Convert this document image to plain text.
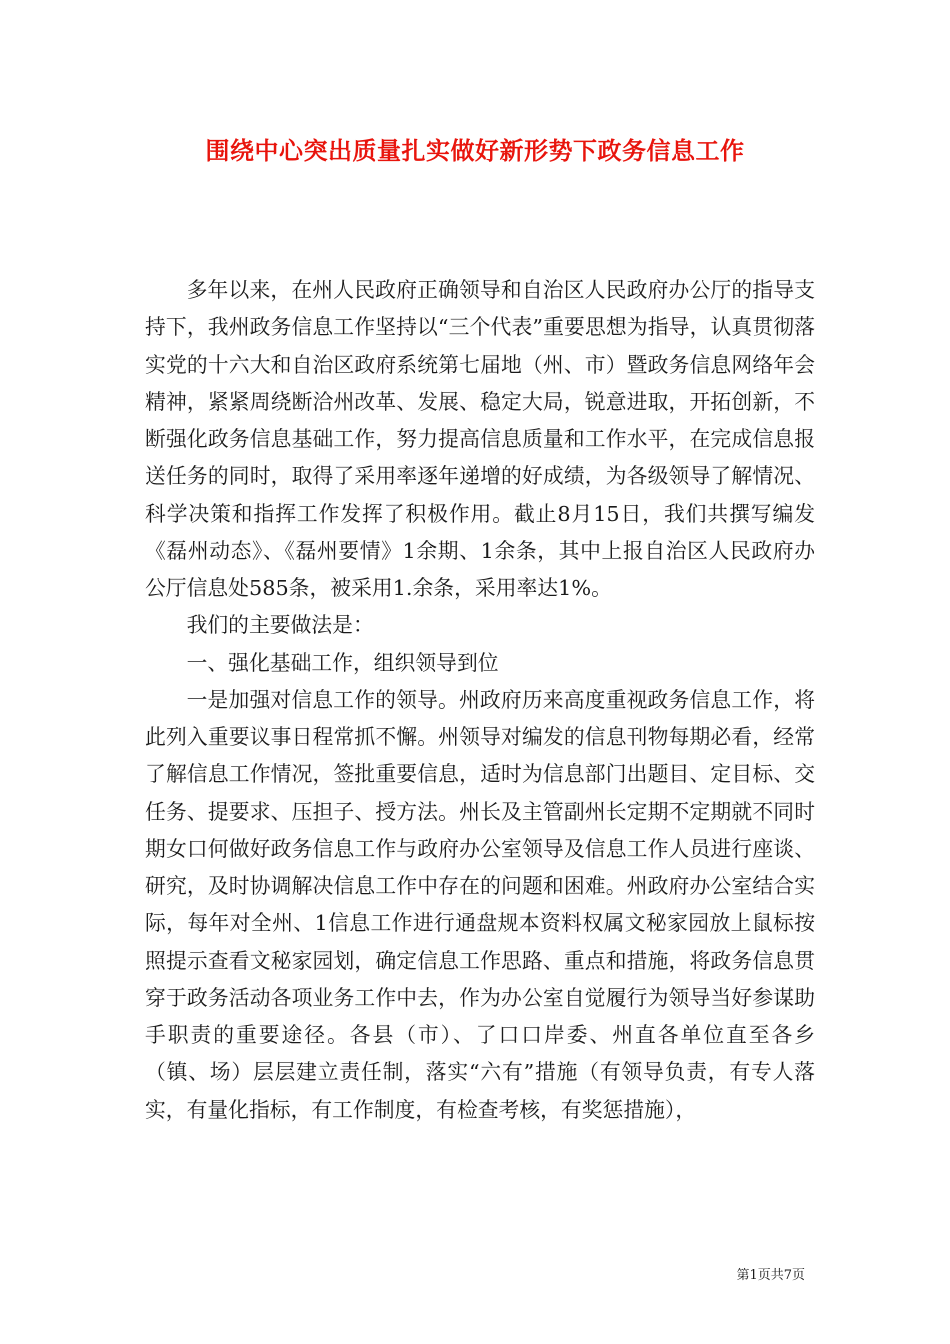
围绕中心突出质量扎实做好新形势下政务信息工作

多年以来，在州人民政府正确领导和自治区人民政府办公厅的指导支持下，我州政务信息工作坚持以“三个代表”重要思想为指导，认真贯彻落实党的十六大和自治区政府系统第七届地（州、市）暨政务信息网络年会精神，紧紧周绕断洽州改革、发展、稳定大局，锐意进取，开拓创新，不断强化政务信息基础工作，努力提高信息质量和工作水平，在完成信息报送任务的同时，取得了采用率逐年递增的好成绩，为各级领导了解情况、科学决策和指挥工作发挥了积极作用。截止8月15日，我们共撰写编发《磊州动态》、《磊州要情》1余期、1余条，其中上报自治区人民政府办公厅信息处585条，被采用1.余条，采用率达1%。

我们的主要做法是：

一、强化基础工作，组织领导到位

一是加强对信息工作的领导。州政府历来高度重视政务信息工作，将此列入重要议事日程常抓不懈。州领导对编发的信息刊物每期必看，经常了解信息工作情况，签批重要信息，适时为信息部门出题目、定目标、交任务、提要求、压担子、授方法。州长及主管副州长定期不定期就不同时期女口何做好政务信息工作与政府办公室领导及信息工作人员进行座谈、研究，及时协调解决信息工作中存在的问题和困难。州政府办公室结合实际，每年对全州、1信息工作进行通盘规本资料权属文秘家园放上鼠标按照提示查看文秘家园划，确定信息工作思路、重点和措施，将政务信息贯穿于政务活动各项业务工作中去，作为办公室自觉履行为领导当好参谋助手职责的重要途径。各县（市）、了口口岸委、州直各单位直至各乡（镇、场）层层建立责任制，落实“六有”措施（有领导负责，有专人落实，有量化指标，有工作制度，有检查考核，有奖惩措施），

第1页共7页
